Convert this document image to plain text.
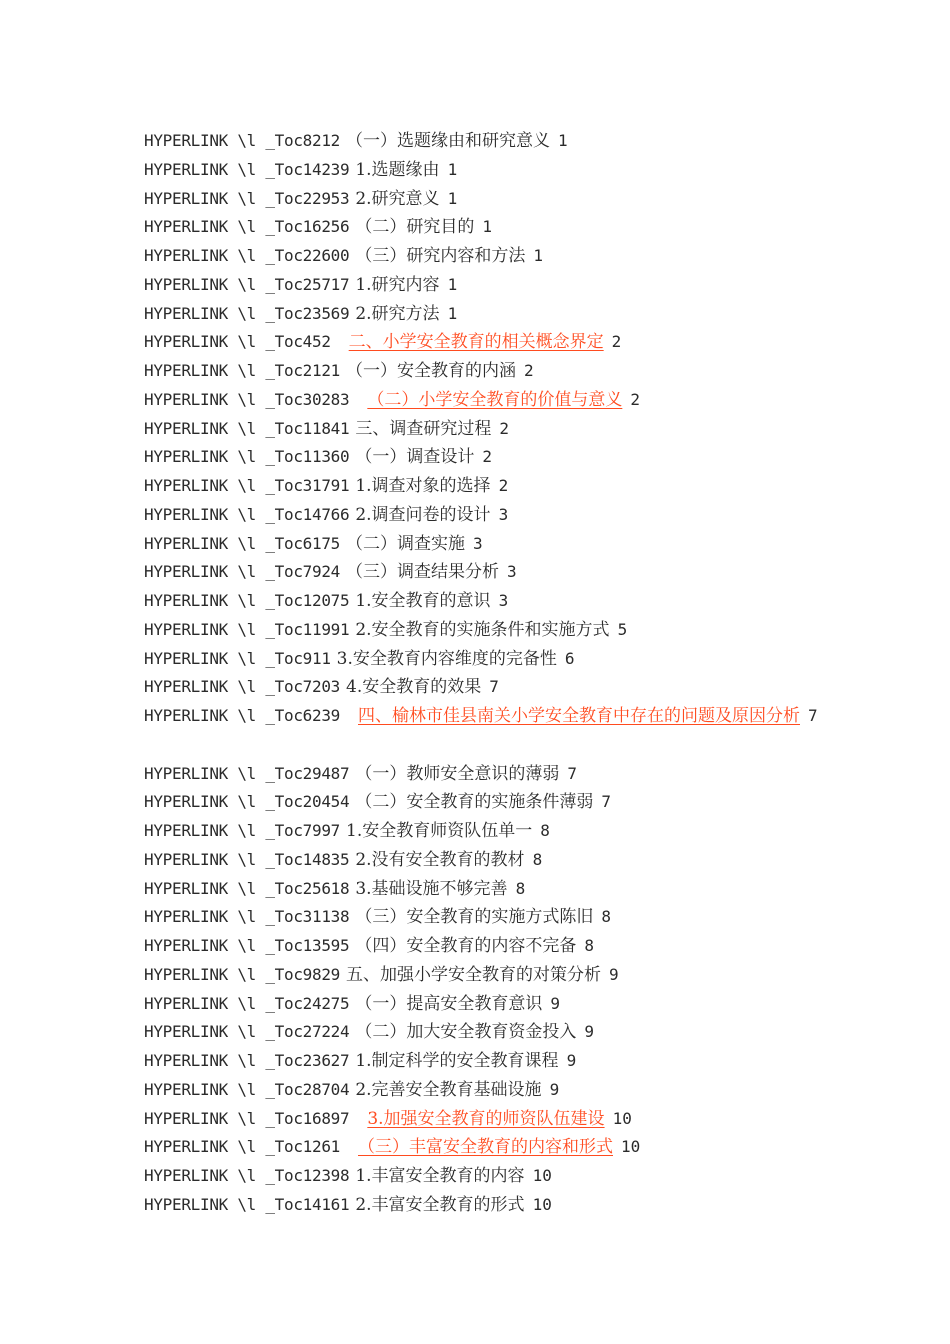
HYPERLINK \l _Toc8212 （一）选题缘由和研究意义 1
HYPERLINK \l _Toc14239 1.选题缘由 1
HYPERLINK \l _Toc22953 2.研究意义 1
HYPERLINK \l _Toc16256 （二）研究目的 1
HYPERLINK \l _Toc22600 （三）研究内容和方法 1
HYPERLINK \l _Toc25717 1.研究内容 1
HYPERLINK \l _Toc23569 2.研究方法 1
HYPERLINK \l _Toc452 二、小学安全教育的相关概念界定 2
HYPERLINK \l _Toc2121 （一）安全教育的内涵 2
HYPERLINK \l _Toc30283 （二）小学安全教育的价值与意义 2
HYPERLINK \l _Toc11841 三、调查研究过程 2
HYPERLINK \l _Toc11360 （一）调查设计 2
HYPERLINK \l _Toc31791 1.调查对象的选择 2
HYPERLINK \l _Toc14766 2.调查问卷的设计 3
HYPERLINK \l _Toc6175 （二）调查实施 3
HYPERLINK \l _Toc7924 （三）调查结果分析 3
HYPERLINK \l _Toc12075 1.安全教育的意识 3
HYPERLINK \l _Toc11991 2.安全教育的实施条件和实施方式 5
HYPERLINK \l _Toc911 3.安全教育内容维度的完备性 6
HYPERLINK \l _Toc7203 4.安全教育的效果 7
HYPERLINK \l _Toc6239 四、榆林市佳县南关小学安全教育中存在的问题及原因分析 7
HYPERLINK \l _Toc29487 （一）教师安全意识的薄弱 7
HYPERLINK \l _Toc20454 （二）安全教育的实施条件薄弱 7
HYPERLINK \l _Toc7997 1.安全教育师资队伍单一 8
HYPERLINK \l _Toc14835 2.没有安全教育的教材 8
HYPERLINK \l _Toc25618 3.基础设施不够完善 8
HYPERLINK \l _Toc31138 （三）安全教育的实施方式陈旧 8
HYPERLINK \l _Toc13595 （四）安全教育的内容不完备 8
HYPERLINK \l _Toc9829 五、加强小学安全教育的对策分析 9
HYPERLINK \l _Toc24275 （一）提高安全教育意识 9
HYPERLINK \l _Toc27224 （二）加大安全教育资金投入 9
HYPERLINK \l _Toc23627 1.制定科学的安全教育课程 9
HYPERLINK \l _Toc28704 2.完善安全教育基础设施 9
HYPERLINK \l _Toc16897 3.加强安全教育的师资队伍建设 10
HYPERLINK \l _Toc1261 （三）丰富安全教育的内容和形式 10
HYPERLINK \l _Toc12398 1.丰富安全教育的内容 10
HYPERLINK \l _Toc14161 2.丰富安全教育的形式 10
